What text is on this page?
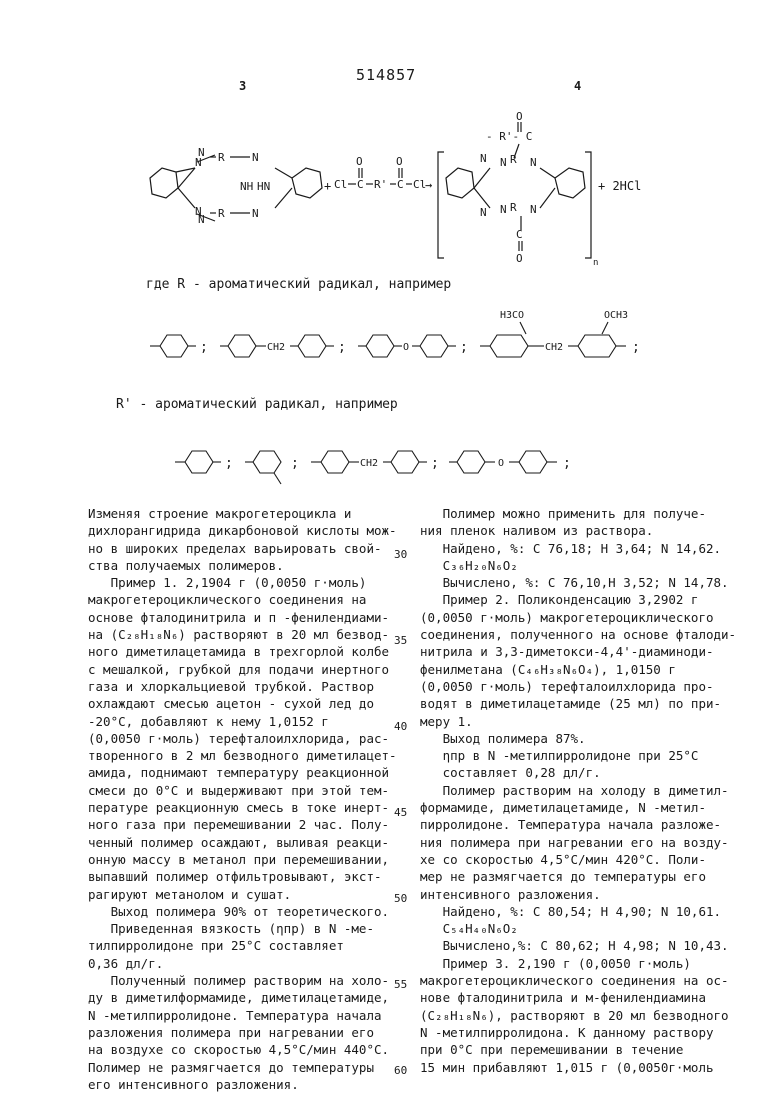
514857
3	4
N
N
N
N
R
R
NH HN
N
N
+ Cl C
O
R' C
O
Cl
→
n
- R'- C
O
N
N
N
N
R
R
N
N
C
O
+ 2HCl
где R - ароматический радикал, например
;	CH2	;	O	;
H3CO
CH2
OCH3
;
R' - ароматический радикал, например
;	;	CH2	;	O	;

Изменяя строение макрогетероцикла и

дихлорангидрида дикарбоновой кислоты мож-

но в широких пределах варьировать свой-

ства получаемых полимеров.

Пример 1. 2,1904 г (0,0050 г·моль)

макрогетероциклического соединения на

основе фталодинитрила и п -фенилендиами-

на (C₂₈H₁₈N₆) растворяют в 20 мл безвод-

ного диметилацетамида в трехгорлой колбе

с мешалкой, грубкой для подачи инертного

газа и хлоркальциевой трубкой. Раствор

охлаждают смесью ацетон - сухой лед до

-20°C, добавляют к нему 1,0152 г

(0,0050 г·моль) терефталоилхлорида, рас-

творенного в 2 мл безводного диметилацет-

амида, поднимают температуру реакционной

смеси до 0°C и выдерживают при этой тем-

пературе реакционную смесь в токе инерт-

ного газа при перемешивании 2 час. Полу-

ченный полимер осаждают, выливая реакци-

онную массу в метанол при перемешивании,

выпавший полимер отфильтровывают, экст-

рагируют метанолом и сушат.

Выход полимера 90% от теоретического.

Приведенная вязкость (ηпр) в N -ме-

тилпирролидоне при 25°C составляет

0,36 дл/г.

Полученный полимер растворим на холо-

ду в диметилформамиде, диметилацетамиде,

N -метилпирролидоне. Температура начала

разложения полимера при нагревании его

на воздухе со скоростью 4,5°C/мин 440°C.

Полимер не размягчается до температуры

его интенсивного разложения.

30
35
40
45
50
55
60

Полимер можно применить для получе-

ния пленок наливом из раствора.

Найдено, %: C 76,18; H 3,64; N 14,62.

C₃₆H₂₀N₆O₂

Вычислено, %: C 76,10,H 3,52; N 14,78.

Пример 2. Поликонденсацию 3,2902 г

(0,0050 г·моль) макрогетероциклического

соединения, полученного на основе фталоди-

нитрила и 3,3-диметокси-4,4'-диаминоди-

фенилметана (C₄₆H₃₈N₆O₄), 1,0150 г

(0,0050 г·моль) терефталоилхлорида про-

водят в диметилацетамиде (25 мл) по при-

меру 1.

Выход полимера 87%.

ηпр в N -метилпирролидоне при 25°C

составляет 0,28 дл/г.

Полимер растворим на холоду в диметил-

формамиде, диметилацетамиде, N -метил-

пирролидоне. Температура начала разложе-

ния полимера при нагревании его на возду-

хе со скоростью 4,5°C/мин 420°C. Поли-

мер не размягчается до температуры его

интенсивного разложения.

Найдено, %: C 80,54; H 4,90; N 10,61.

C₅₄H₄₀N₆O₂

Вычислено,%: C 80,62; H 4,98; N 10,43.

Пример 3. 2,190 г (0,0050 г·моль)

макрогетероциклического соединения на ос-

нове фталодинитрила и м-фенилендиамина

(C₂₈H₁₈N₆), растворяют в 20 мл безводного

N -метилпирролидона. К данному раствору

при 0°C при перемешивании в течение

15 мин прибавляют 1,015 г (0,0050г·моль
